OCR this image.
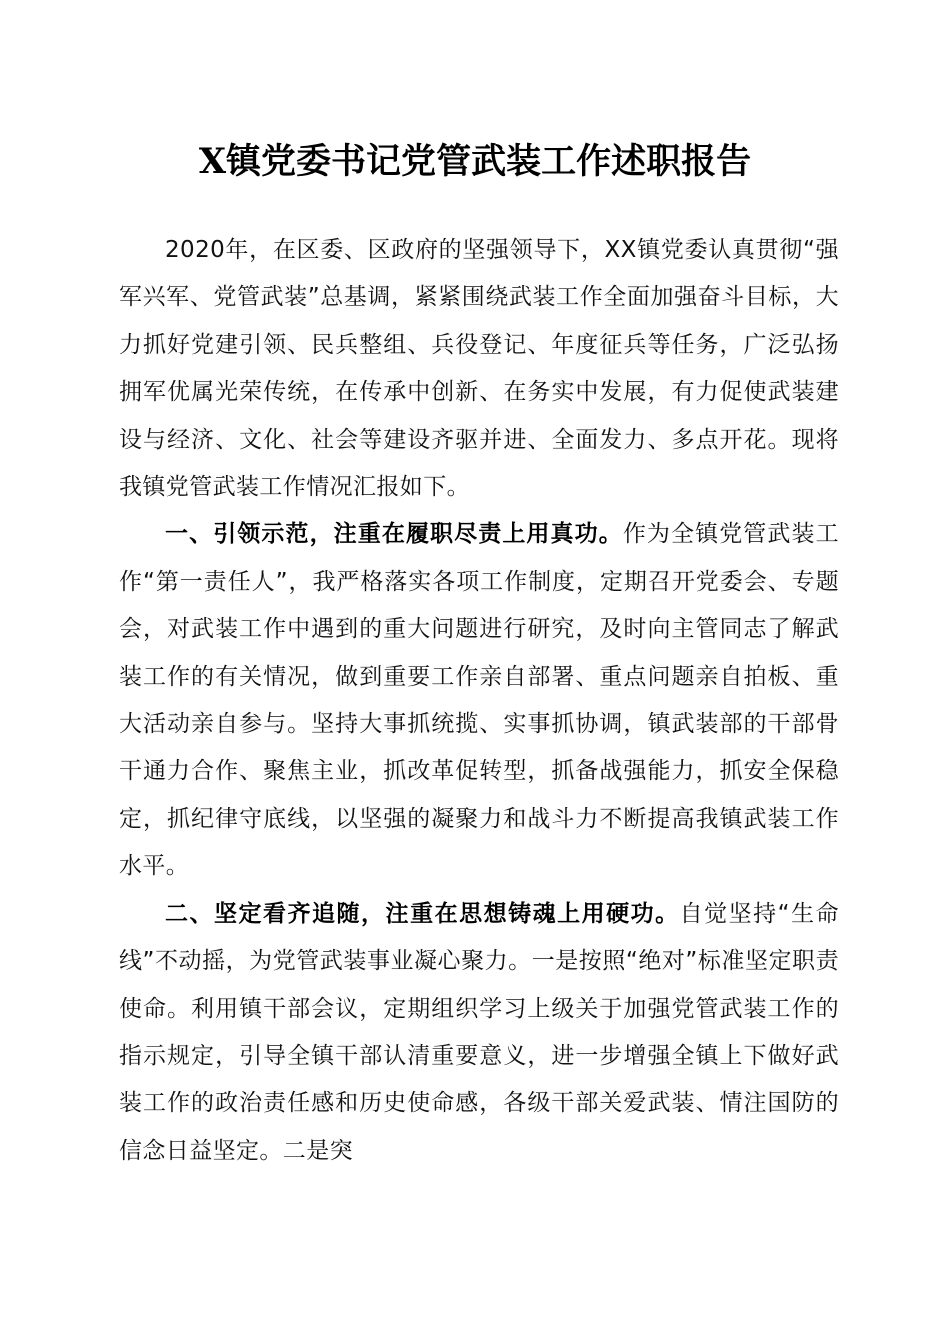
X镇党委书记党管武装工作述职报告

2020年，在区委、区政府的坚强领导下，XX镇党委认真贯彻“强军兴军、党管武装”总基调，紧紧围绕武装工作全面加强奋斗目标，大力抓好党建引领、民兵整组、兵役登记、年度征兵等任务，广泛弘扬拥军优属光荣传统，在传承中创新、在务实中发展，有力促使武装建设与经济、文化、社会等建设齐驱并进、全面发力、多点开花。现将我镇党管武装工作情况汇报如下。

一、引领示范，注重在履职尽责上用真功。作为全镇党管武装工作“第一责任人”，我严格落实各项工作制度，定期召开党委会、专题会，对武装工作中遇到的重大问题进行研究，及时向主管同志了解武装工作的有关情况，做到重要工作亲自部署、重点问题亲自拍板、重大活动亲自参与。坚持大事抓统揽、实事抓协调，镇武装部的干部骨干通力合作、聚焦主业，抓改革促转型，抓备战强能力，抓安全保稳定，抓纪律守底线，以坚强的凝聚力和战斗力不断提高我镇武装工作水平。

二、坚定看齐追随，注重在思想铸魂上用硬功。自觉坚持“生命线”不动摇，为党管武装事业凝心聚力。一是按照“绝对”标准坚定职责使命。利用镇干部会议，定期组织学习上级关于加强党管武装工作的指示规定，引导全镇干部认清重要意义，进一步增强全镇上下做好武装工作的政治责任感和历史使命感，各级干部关爱武装、情注国防的信念日益坚定。二是突
